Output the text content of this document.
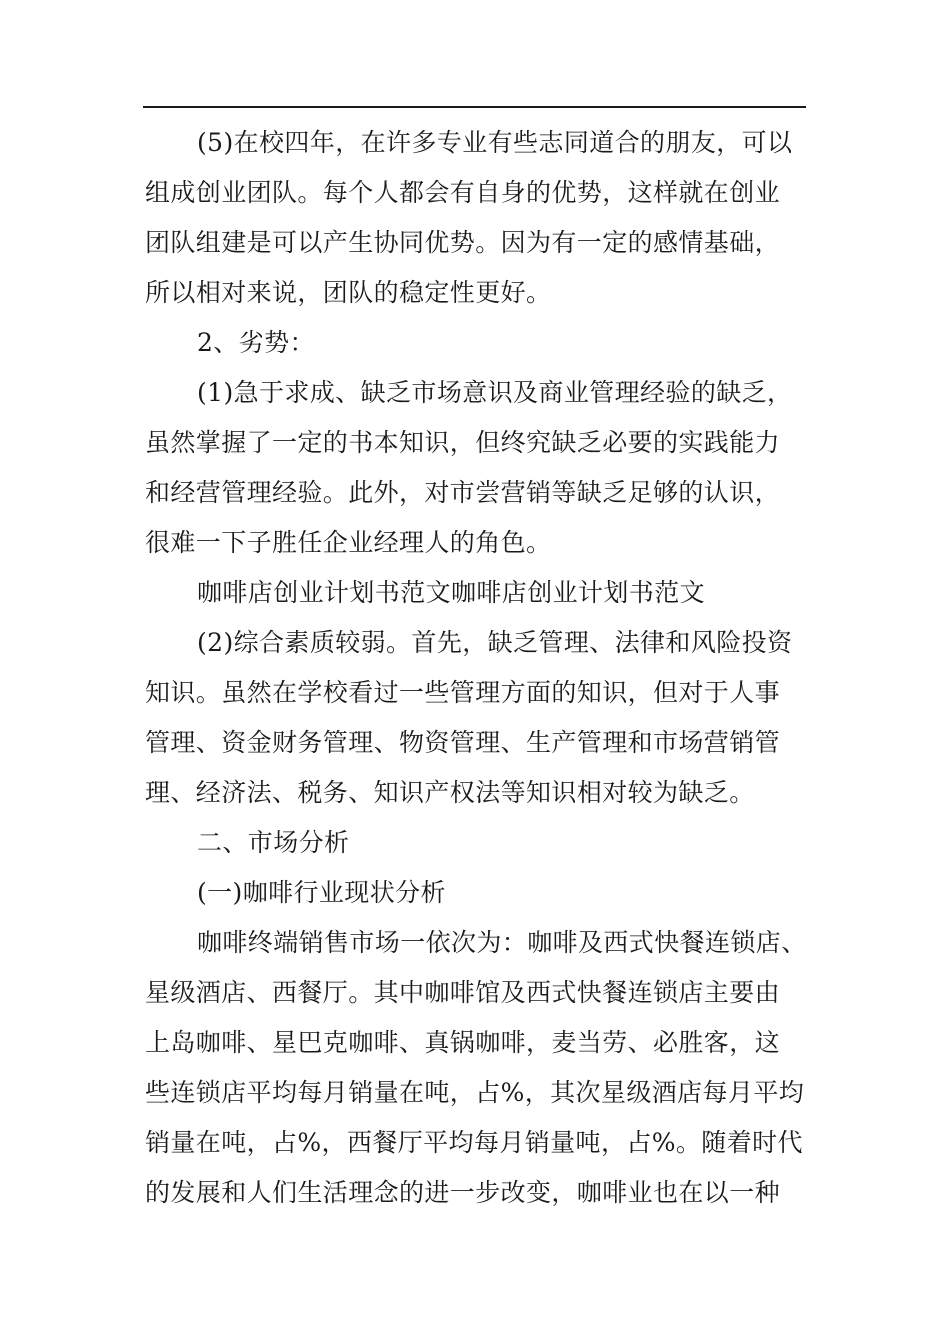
(5)在校四年，在许多专业有些志同道合的朋友，可以
组成创业团队。每个人都会有自身的优势，这样就在创业
团队组建是可以产生协同优势。因为有一定的感情基础，
所以相对来说，团队的稳定性更好。
2、劣势：
(1)急于求成、缺乏市场意识及商业管理经验的缺乏，
虽然掌握了一定的书本知识，但终究缺乏必要的实践能力
和经营管理经验。此外，对市尝营销等缺乏足够的认识，
很难一下子胜任企业经理人的角色。
咖啡店创业计划书范文咖啡店创业计划书范文
(2)综合素质较弱。首先，缺乏管理、法律和风险投资
知识。虽然在学校看过一些管理方面的知识，但对于人事
管理、资金财务管理、物资管理、生产管理和市场营销管
理、经济法、税务、知识产权法等知识相对较为缺乏。
二、市场分析
(一)咖啡行业现状分析
咖啡终端销售市场一依次为：咖啡及西式快餐连锁店、
星级酒店、西餐厅。其中咖啡馆及西式快餐连锁店主要由
上岛咖啡、星巴克咖啡、真锅咖啡，麦当劳、必胜客，这
些连锁店平均每月销量在吨，占%，其次星级酒店每月平均
销量在吨，占%，西餐厅平均每月销量吨，占%。随着时代
的发展和人们生活理念的进一步改变，咖啡业也在以一种
